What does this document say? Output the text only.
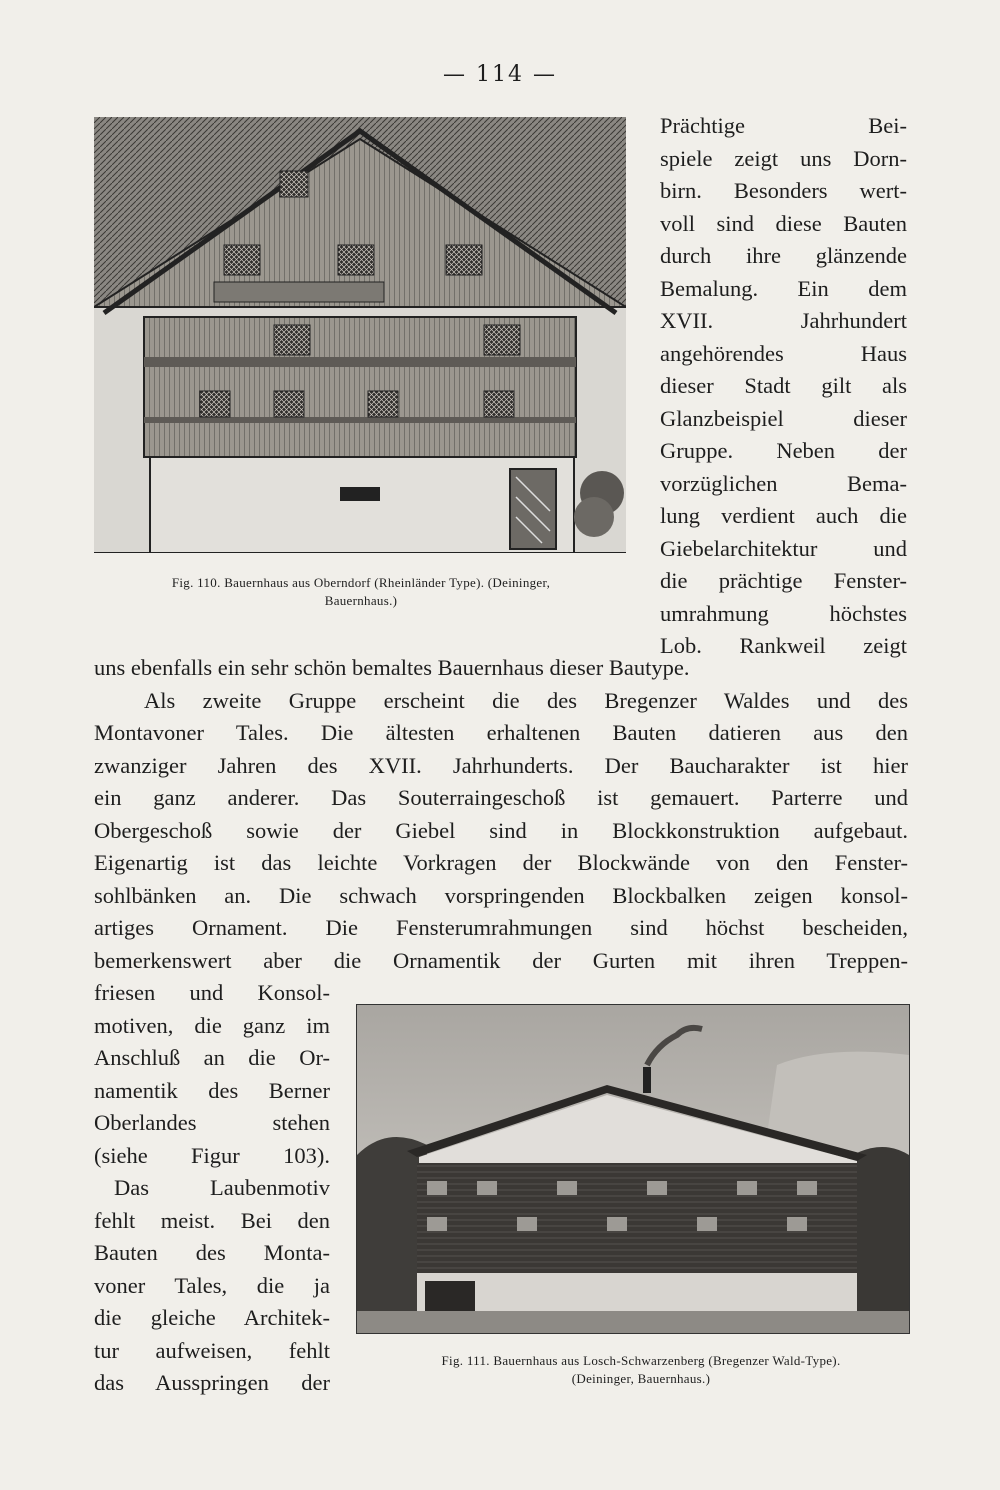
— 114 —
Fig. 110. Bauernhaus aus Oberndorf (Rheinländer Type). (Deininger,
Bauernhaus.)
Prächtige Bei-
spiele zeigt uns Dorn-
birn. Besonders wert-
voll sind diese Bauten
durch ihre glänzende
Bemalung. Ein dem
XVII. Jahrhundert
angehörendes Haus
dieser Stadt gilt als
Glanzbeispiel dieser
Gruppe. Neben der
vorzüglichen Bema-
lung verdient auch die
Giebelarchitektur und
die prächtige Fenster-
umrahmung höchstes
Lob. Rankweil zeigt
uns ebenfalls ein sehr schön bemaltes Bauernhaus dieser Bautype.
Als zweite Gruppe erscheint die des Bregenzer Waldes und des
Montavoner Tales. Die ältesten erhaltenen Bauten datieren aus den
zwanziger Jahren des XVII. Jahrhunderts. Der Baucharakter ist hier
ein ganz anderer. Das Souterraingeschoß ist gemauert. Parterre und
Obergeschoß sowie der Giebel sind in Blockkonstruktion aufgebaut.
Eigenartig ist das leichte Vorkragen der Blockwände von den Fenster-
sohlbänken an. Die schwach vorspringenden Blockbalken zeigen konsol-
artiges Ornament. Die Fensterumrahmungen sind höchst bescheiden,
bemerkenswert aber die Ornamentik der Gurten mit ihren Treppen-
friesen und Konsol-
motiven, die ganz im
Anschluß an die Or-
namentik des Berner
Oberlandes stehen
(siehe Figur 103).
Das Laubenmotiv
fehlt meist. Bei den
Bauten des Monta-
voner Tales, die ja
die gleiche Architek-
tur aufweisen, fehlt
das Ausspringen der
Fig. 111. Bauernhaus aus Losch-Schwarzenberg (Bregenzer Wald-Type).
(Deininger, Bauernhaus.)
